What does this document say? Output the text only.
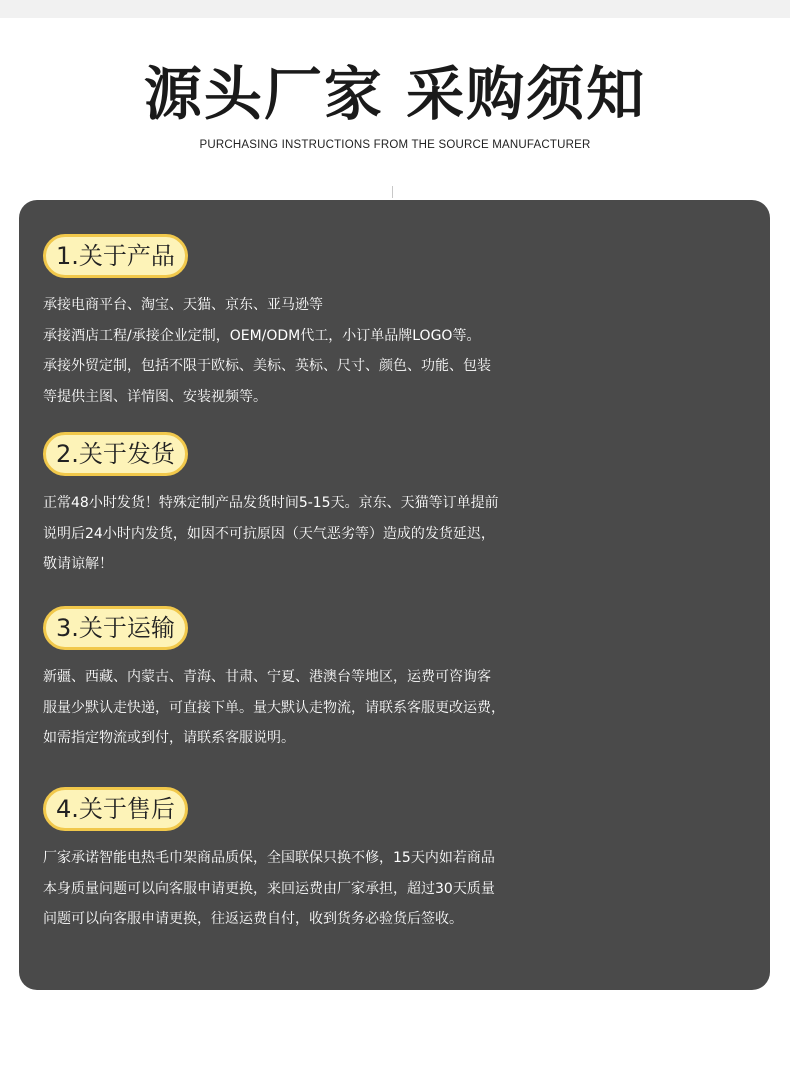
源头厂家 采购须知
PURCHASING INSTRUCTIONS FROM THE SOURCE MANUFACTURER
1.关于产品
承接电商平台、淘宝、天猫、京东、亚马逊等
承接酒店工程/承接企业定制，OEM/ODM代工，小订单品牌LOGO等。
承接外贸定制，包括不限于欧标、美标、英标、尺寸、颜色、功能、包装
等提供主图、详情图、安装视频等。
2.关于发货
正常48小时发货！特殊定制产品发货时间5-15天。京东、天猫等订单提前
说明后24小时内发货，如因不可抗原因（天气恶劣等）造成的发货延迟，
敬请谅解！
3.关于运输
新疆、西藏、内蒙古、青海、甘肃、宁夏、港澳台等地区，运费可咨询客
服量少默认走快递，可直接下单。量大默认走物流，请联系客服更改运费，
如需指定物流或到付，请联系客服说明。
4.关于售后
厂家承诺智能电热毛巾架商品质保，全国联保只换不修，15天内如若商品
本身质量问题可以向客服申请更换，来回运费由厂家承担，超过30天质量
问题可以向客服申请更换，往返运费自付，收到货务必验货后签收。
